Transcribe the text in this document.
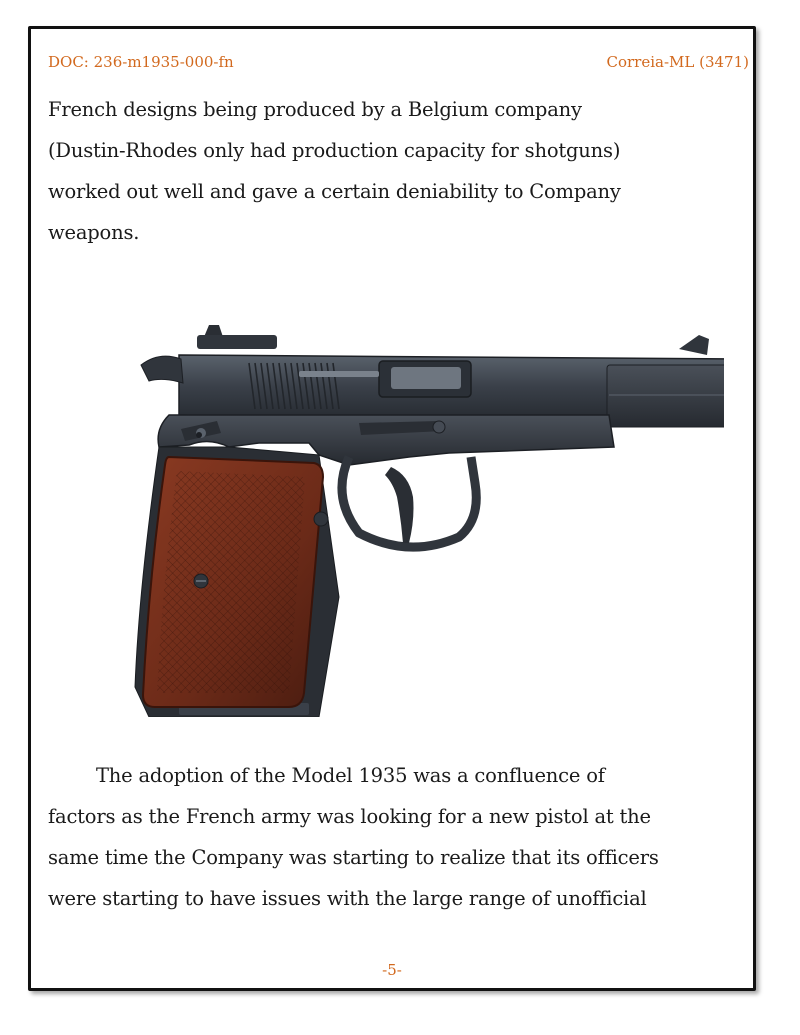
DOC: 236-m1935-000-fn	Correia-ML (3471)
French designs being produced by a Belgium company
(Dustin-Rhodes only had production capacity for shotguns)
worked out well and gave a certain deniability to Company
weapons.
The adoption of the Model 1935 was a confluence of
factors as the French army was looking for a new pistol at the
same time the Company was starting to realize that its officers
were starting to have issues with the large range of unofficial
-5-
